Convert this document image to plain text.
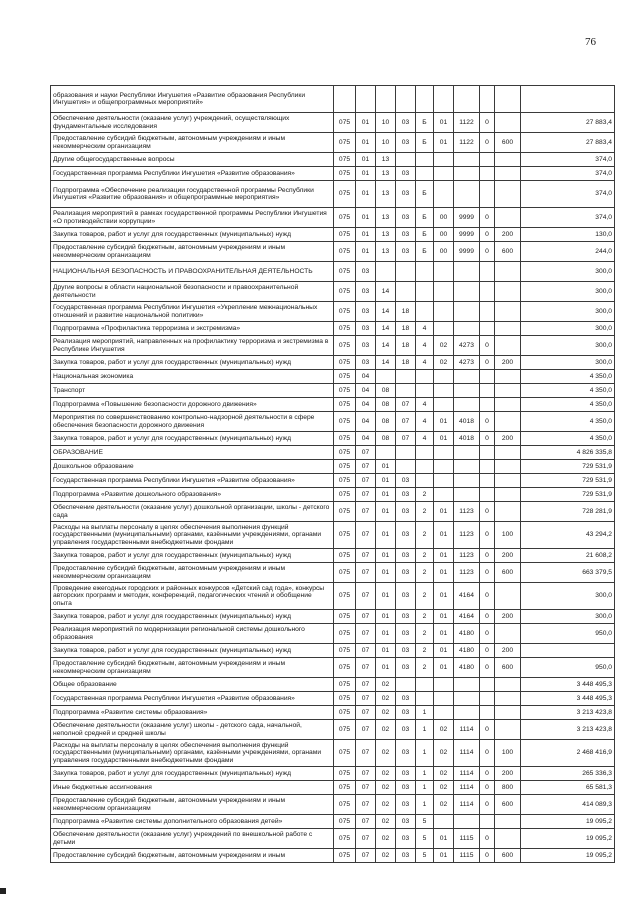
76
образования и науки Республики Ингушетия «Развитие образования Республики Ингушетия» и общепрограммных мероприятий»										
Обеспечение деятельности (оказание услуг) учреждений, осуществляющих фундаментальные исследования	075	01	10	03	Б	01	1122	0		27 883,4
Предоставление субсидий бюджетным, автономным учреждениям и иным некоммерческим организациям	075	01	10	03	Б	01	1122	0	600	27 883,4
Другие общегосударственные вопросы	075	01	13							374,0
Государственная программа Республики Ингушетия «Развитие образования»	075	01	13	03						374,0
Подпрограмма «Обеспечение реализации государственной программы Республики Ингушетия «Развитие образования» и общепрограммные мероприятия»	075	01	13	03	Б					374,0
Реализация мероприятий в рамках государственной программы Республики Ингушетия «О противодействии коррупции»	075	01	13	03	Б	00	9999	0		374,0
Закупка товаров, работ и услуг для государственных (муниципальных) нужд	075	01	13	03	Б	00	9999	0	200	130,0
Предоставление субсидий бюджетным, автономным учреждениям и иным некоммерческим организациям	075	01	13	03	Б	00	9999	0	600	244,0
НАЦИОНАЛЬНАЯ БЕЗОПАСНОСТЬ И ПРАВООХРАНИТЕЛЬНАЯ ДЕЯТЕЛЬНОСТЬ	075	03								300,0
Другие вопросы в области национальной безопасности и правоохранительной деятельности	075	03	14							300,0
Государственная программа Республики Ингушетия «Укрепление межнациональных отношений и развитие национальной политики»	075	03	14	18						300,0
Подпрограмма «Профилактика терроризма и экстремизма»	075	03	14	18	4					300,0
Реализация мероприятий, направленных на профилактику терроризма и экстремизма в Республике Ингушетия	075	03	14	18	4	02	4273	0		300,0
Закупка товаров, работ и услуг для государственных (муниципальных) нужд	075	03	14	18	4	02	4273	0	200	300,0
Национальная экономика	075	04								4 350,0
Транспорт	075	04	08							4 350,0
Подпрограмма «Повышение безопасности дорожного движения»	075	04	08	07	4					4 350,0
Мероприятия по совершенствованию контрольно-надзорной деятельности в сфере обеспечения безопасности дорожного движения	075	04	08	07	4	01	4018	0		4 350,0
Закупка товаров, работ и услуг для государственных (муниципальных) нужд	075	04	08	07	4	01	4018	0	200	4 350,0
ОБРАЗОВАНИЕ	075	07								4 826 335,8
Дошкольное образование	075	07	01							729 531,9
Государственная программа Республики Ингушетия «Развитие образования»	075	07	01	03						729 531,9
Подпрограмма «Развитие дошкольного образования»	075	07	01	03	2					729 531,9
Обеспечение деятельности (оказание услуг) дошкольной организации, школы - детского сада	075	07	01	03	2	01	1123	0		728 281,9
Расходы на выплаты персоналу в целях обеспечения выполнения функций государственными (муниципальными) органами, казёнными учреждениями, органами управления государственными внебюджетными фондами	075	07	01	03	2	01	1123	0	100	43 294,2
Закупка товаров, работ и услуг для государственных (муниципальных) нужд	075	07	01	03	2	01	1123	0	200	21 608,2
Предоставление субсидий бюджетным, автономным учреждениям и иным некоммерческим организациям	075	07	01	03	2	01	1123	0	600	663 379,5
Проведение ежегодных городских и районных конкурсов «Детский сад года», конкурсы авторских программ и методик, конференций, педагогических чтений и обобщение опыта	075	07	01	03	2	01	4164	0		300,0
Закупка товаров, работ и услуг для государственных (муниципальных) нужд	075	07	01	03	2	01	4164	0	200	300,0
Реализация мероприятий по модернизации региональной системы дошкольного образования	075	07	01	03	2	01	4180	0		950,0
Закупка товаров, работ и услуг для государственных (муниципальных) нужд	075	07	01	03	2	01	4180	0	200	
Предоставление субсидий бюджетным, автономным учреждениям и иным некоммерческим организациям	075	07	01	03	2	01	4180	0	600	950,0
Общее образование	075	07	02							3 448 495,3
Государственная программа Республики Ингушетия «Развитие образования»	075	07	02	03						3 448 495,3
Подпрограмма «Развитие системы образования»	075	07	02	03	1					3 213 423,8
Обеспечение деятельности (оказание услуг) школы - детского сада, начальной, неполной средней и средней школы	075	07	02	03	1	02	1114	0		3 213 423,8
Расходы на выплаты персоналу в целях обеспечения выполнения функций государственными (муниципальными) органами, казёнными учреждениями, органами управления государственными внебюджетными фондами	075	07	02	03	1	02	1114	0	100	2 468 416,9
Закупка товаров, работ и услуг для государственных (муниципальных) нужд	075	07	02	03	1	02	1114	0	200	265 336,3
Иные бюджетные ассигнования	075	07	02	03	1	02	1114	0	800	65 581,3
Предоставление субсидий бюджетным, автономным учреждениям и иным некоммерческим организациям	075	07	02	03	1	02	1114	0	600	414 089,3
Подпрограмма «Развитие системы дополнительного образования детей»	075	07	02	03	5					19 095,2
Обеспечение деятельности (оказание услуг) учреждений по внешкольной работе с детьми	075	07	02	03	5	01	1115	0		19 095,2
Предоставление субсидий бюджетным, автономным учреждениям и иным	075	07	02	03	5	01	1115	0	600	19 095,2
